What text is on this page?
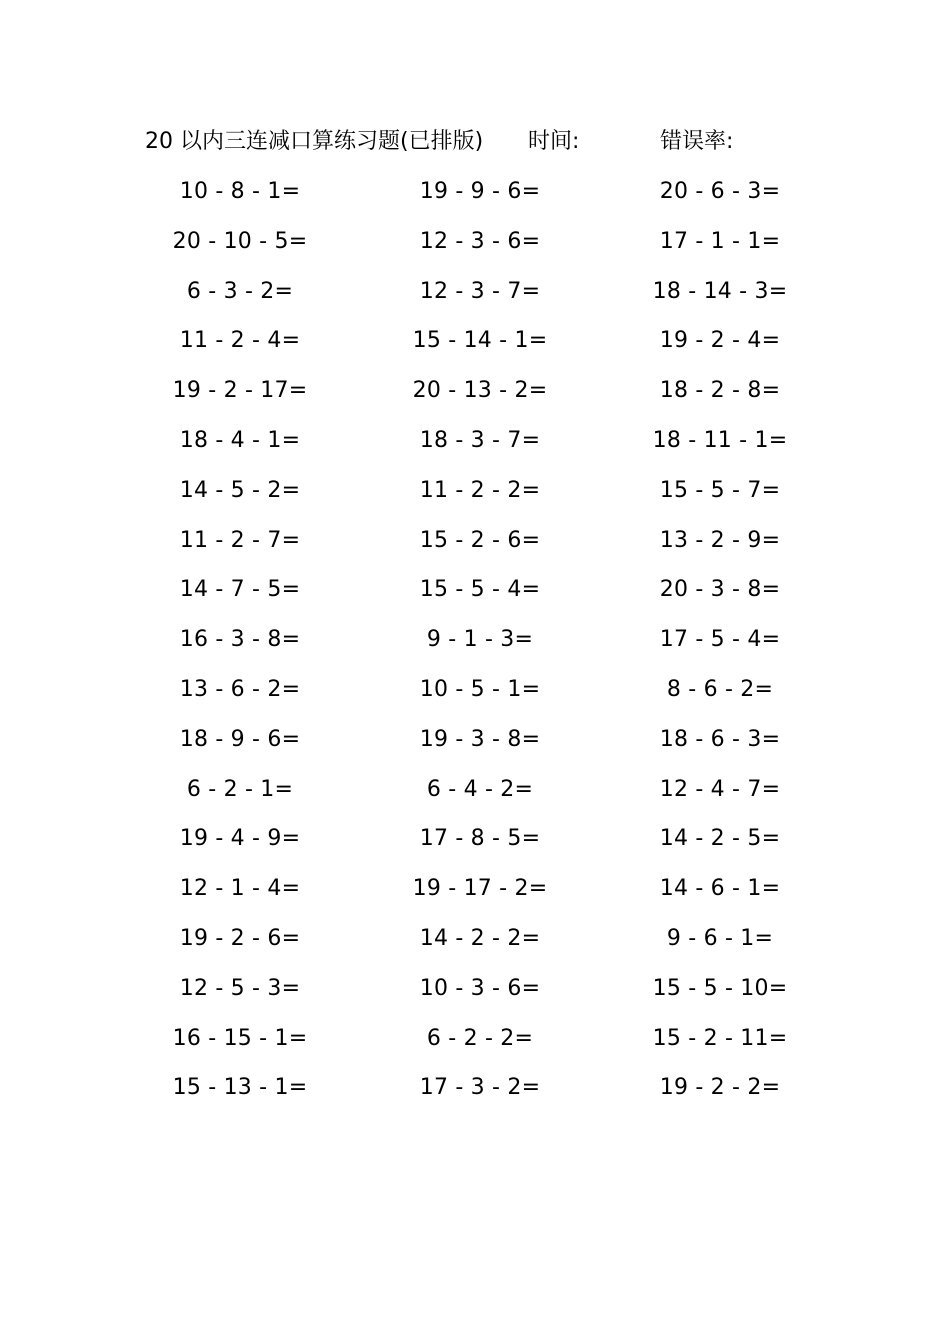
20 以内三连减口算练习题(已排版) 时间:	错误率:
10 - 8 - 1=	19 - 9 - 6=	20 - 6 - 3=
20 - 10 - 5=	12 - 3 - 6=	17 - 1 - 1=
6 - 3 - 2=	12 - 3 - 7=	18 - 14 - 3=
11 - 2 - 4=	15 - 14 - 1=	19 - 2 - 4=
19 - 2 - 17=	20 - 13 - 2=	18 - 2 - 8=
18 - 4 - 1=	18 - 3 - 7=	18 - 11 - 1=
14 - 5 - 2=	11 - 2 - 2=	15 - 5 - 7=
11 - 2 - 7=	15 - 2 - 6=	13 - 2 - 9=
14 - 7 - 5=	15 - 5 - 4=	20 - 3 - 8=
16 - 3 - 8=	9 - 1 - 3=	17 - 5 - 4=
13 - 6 - 2=	10 - 5 - 1=	8 - 6 - 2=
18 - 9 - 6=	19 - 3 - 8=	18 - 6 - 3=
6 - 2 - 1=	6 - 4 - 2=	12 - 4 - 7=
19 - 4 - 9=	17 - 8 - 5=	14 - 2 - 5=
12 - 1 - 4=	19 - 17 - 2=	14 - 6 - 1=
19 - 2 - 6=	14 - 2 - 2=	9 - 6 - 1=
12 - 5 - 3=	10 - 3 - 6=	15 - 5 - 10=
16 - 15 - 1=	6 - 2 - 2=	15 - 2 - 11=
15 - 13 - 1=	17 - 3 - 2=	19 - 2 - 2=
